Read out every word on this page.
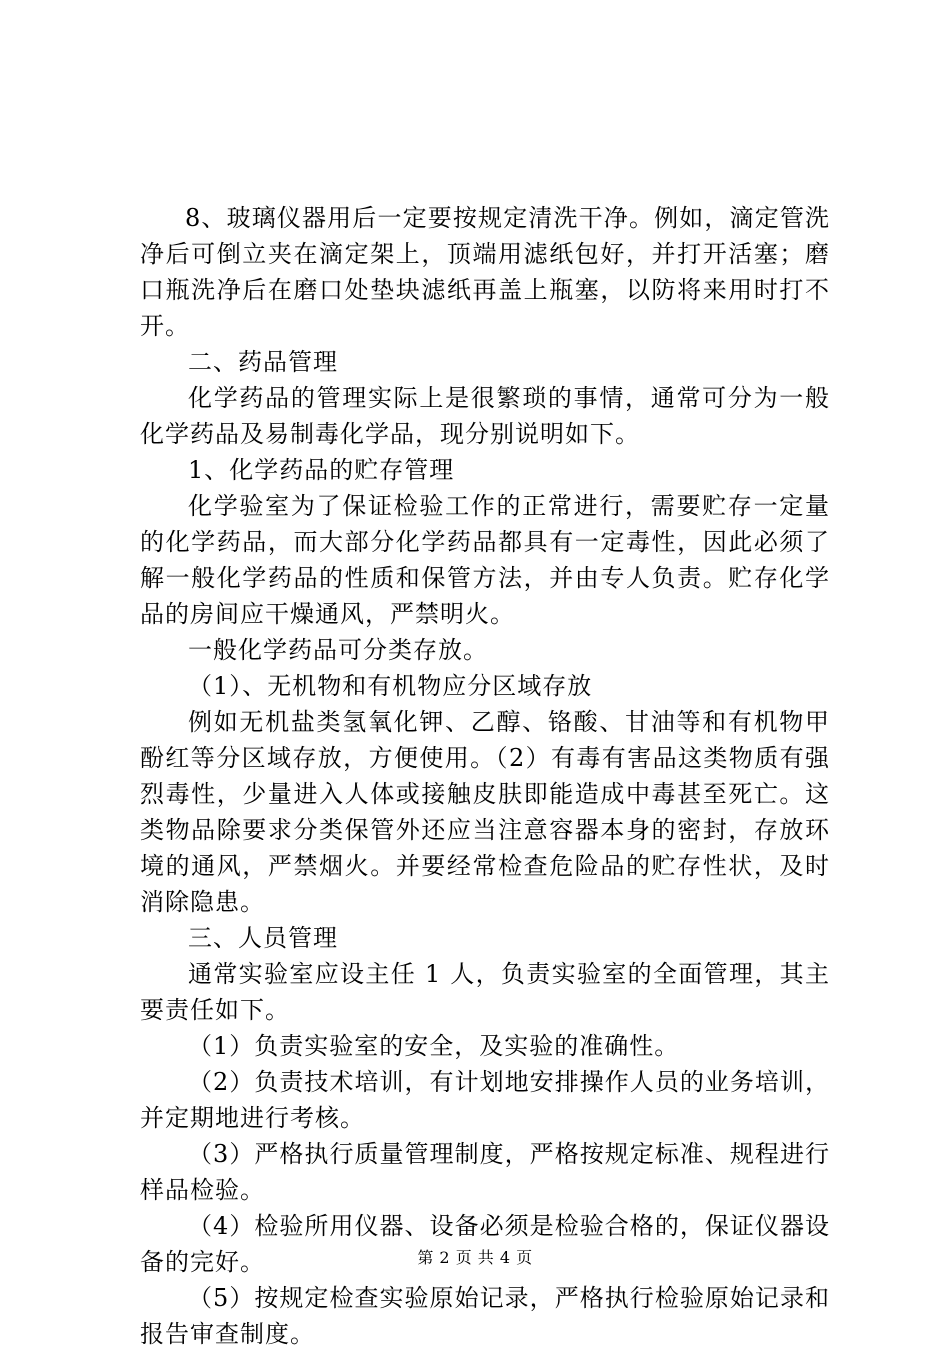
8、玻璃仪器用后一定要按规定清洗干净。例如，滴定管洗净后可倒立夹在滴定架上，顶端用滤纸包好，并打开活塞；磨口瓶洗净后在磨口处垫块滤纸再盖上瓶塞，以防将来用时打不开。

二、药品管理

化学药品的管理实际上是很繁琐的事情，通常可分为一般化学药品及易制毒化学品，现分别说明如下。

1、化学药品的贮存管理

化学验室为了保证检验工作的正常进行，需要贮存一定量的化学药品，而大部分化学药品都具有一定毒性，因此必须了解一般化学药品的性质和保管方法，并由专人负责。贮存化学品的房间应干燥通风，严禁明火。

一般化学药品可分类存放。

（1）、无机物和有机物应分区域存放

例如无机盐类氢氧化钾、乙醇、铬酸、甘油等和有机物甲酚红等分区域存放，方便使用。（2）有毒有害品这类物质有强烈毒性，少量进入人体或接触皮肤即能造成中毒甚至死亡。这类物品除要求分类保管外还应当注意容器本身的密封，存放环境的通风，严禁烟火。并要经常检查危险品的贮存性状，及时消除隐患。

三、人员管理

通常实验室应设主任 1 人，负责实验室的全面管理，其主要责任如下。

（1）负责实验室的安全，及实验的准确性。

（2）负责技术培训，有计划地安排操作人员的业务培训，并定期地进行考核。

（3）严格执行质量管理制度，严格按规定标准、规程进行样品检验。

（4）检验所用仪器、设备必须是检验合格的，保证仪器设备的完好。

（5）按规定检查实验原始记录，严格执行检验原始记录和报告审查制度。

第 2 页 共 4 页
